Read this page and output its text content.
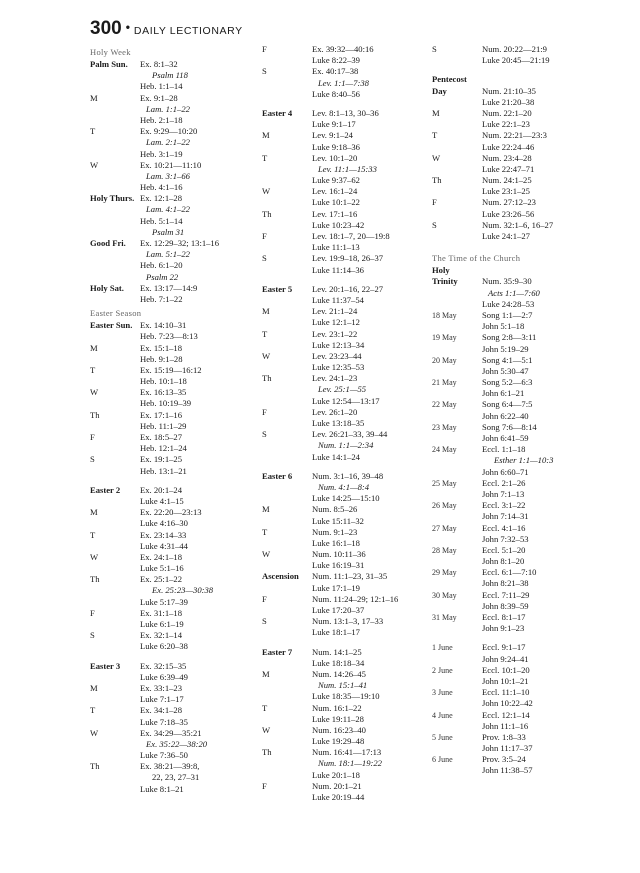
300 • DAILY LECTIONARY
Holy Week
Palm Sun.	Ex. 8:1–32
Psalm 118
Heb. 1:1–14
M	Ex. 9:1–28
Lam. 1:1–22
Heb. 2:1–18
T	Ex. 9:29—10:20
Lam. 2:1–22
Heb. 3:1–19
W	Ex. 10:21—11:10
Lam. 3:1–66
Heb. 4:1–16
Holy Thurs. Ex. 12:1–28
Lam. 4:1–22
Heb. 5:1–14
Psalm 31
Good Fri.	Ex. 12:29–32; 13:1–16
Lam. 5:1–22
Heb. 6:1–20
Psalm 22
Holy Sat.	Ex. 13:17—14:9
Heb. 7:1–22
Easter Season
Easter Sun. Ex. 14:10–31
Heb. 7:23—8:13
M	Ex. 15:1–18
Heb. 9:1–28
T	Ex. 15:19—16:12
Heb. 10:1–18
W	Ex. 16:13–35
Heb. 10:19–39
Th	Ex. 17:1–16
Heb. 11:1–29
F	Ex. 18:5–27
Heb. 12:1–24
S	Ex. 19:1–25
Heb. 13:1–21
Easter 2	Ex. 20:1–24
Luke 4:1–15
M	Ex. 22:20—23:13
Luke 4:16–30
T	Ex. 23:14–33
Luke 4:31–44
W	Ex. 24:1–18
Luke 5:1–16
Th	Ex. 25:1–22
Ex. 25:23—30:38
Luke 5:17–39
F	Ex. 31:1–18
Luke 6:1–19
S	Ex. 32:1–14
Luke 6:20–38
Easter 3	Ex. 32:15–35
Luke 6:39–49
M	Ex. 33:1–23
Luke 7:1–17
T	Ex. 34:1–28
Luke 7:18–35
W	Ex. 34:29—35:21
Ex. 35:22—38:20
Luke 7:36–50
Th	Ex. 38:21—39:8,
22, 23, 27–31
Luke 8:1–21
F	Ex. 39:32—40:16
Luke 8:22–39
S	Ex. 40:17–38
Lev. 1:1—7:38
Luke 8:40–56
Easter 4	Lev. 8:1–13, 30–36
Luke 9:1–17
M	Lev. 9:1–24
Luke 9:18–36
T	Lev. 10:1–20
Lev. 11:1—15:33
Luke 9:37–62
W	Lev. 16:1–24
Luke 10:1–22
Th	Lev. 17:1–16
Luke 10:23–42
F	Lev. 18:1–7, 20—19:8
Luke 11:1–13
S	Lev. 19:9–18, 26–37
Luke 11:14–36
Easter 5	Lev. 20:1–16, 22–27
Luke 11:37–54
M	Lev. 21:1–24
Luke 12:1–12
T	Lev. 23:1–22
Luke 12:13–34
W	Lev. 23:23–44
Luke 12:35–53
Th	Lev. 24:1–23
Lev. 25:1—55
Luke 12:54—13:17
F	Lev. 26:1–20
Luke 13:18–35
S	Lev. 26:21–33, 39–44
Num. 1:1—2:34
Luke 14:1–24
Easter 6	Num. 3:1–16, 39–48
Num. 4:1—8:4
Luke 14:25—15:10
M	Num. 8:5–26
Luke 15:11–32
T	Num. 9:1–23
Luke 16:1–18
W	Num. 10:11–36
Luke 16:19–31
Ascension	Num. 11:1–23, 31–35
Luke 17:1–19
F	Num. 11:24–29; 12:1–16
Luke 17:20–37
S	Num. 13:1–3, 17–33
Luke 18:1–17
Easter 7	Num. 14:1–25
Luke 18:18–34
M	Num. 14:26–45
Num. 15:1–41
Luke 18:35—19:10
T	Num. 16:1–22
Luke 19:11–28
W	Num. 16:23–40
Luke 19:29–48
Th	Num. 16:41—17:13
Num. 18:1—19:22
Luke 20:1–18
F	Num. 20:1–21
Luke 20:19–44
S	Num. 20:22—21:9
Luke 20:45—21:19
Pentecost
Day	Num. 21:10–35
Luke 21:20–38
M	Num. 22:1–20
Luke 22:1–23
T	Num. 22:21—23:3
Luke 22:24–46
W	Num. 23:4–28
Luke 22:47–71
Th	Num. 24:1–25
Luke 23:1–25
F	Num. 27:12–23
Luke 23:26–56
S	Num. 32:1–6, 16–27
Luke 24:1–27
The Time of the Church
Holy
Trinity	Num. 35:9–30
Acts 1:1—7:60
Luke 24:28–53
18 May	Song 1:1—2:7
John 5:1–18
19 May	Song 2:8—3:11
John 5:19–29
20 May	Song 4:1—5:1
John 5:30–47
21 May	Song 5:2—6:3
John 6:1–21
22 May	Song 6:4—7:5
John 6:22–40
23 May	Song 7:6—8:14
John 6:41–59
24 May	Eccl. 1:1–18
Esther 1:1—10:3
John 6:60–71
25 May	Eccl. 2:1–26
John 7:1–13
26 May	Eccl. 3:1–22
John 7:14–31
27 May	Eccl. 4:1–16
John 7:32–53
28 May	Eccl. 5:1–20
John 8:1–20
29 May	Eccl. 6:1—7:10
John 8:21–38
30 May	Eccl. 7:11–29
John 8:39–59
31 May	Eccl. 8:1–17
John 9:1–23
1 June	Eccl. 9:1–17
John 9:24–41
2 June	Eccl. 10:1–20
John 10:1–21
3 June	Eccl. 11:1–10
John 10:22–42
4 June	Eccl. 12:1–14
John 11:1–16
5 June	Prov. 1:8–33
John 11:17–37
6 June	Prov. 3:5–24
John 11:38–57
